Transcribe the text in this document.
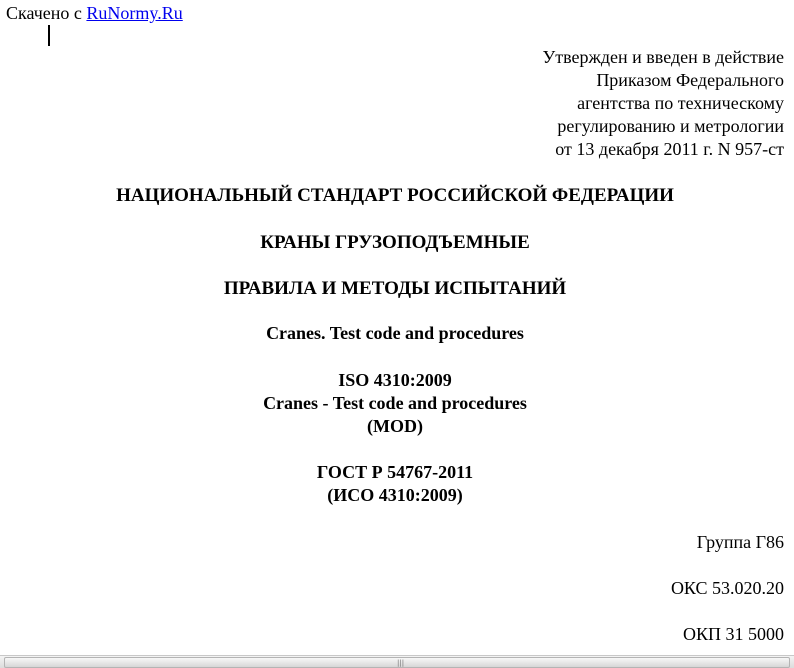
Скачено с RuNormy.Ru
Утвержден и введен в действие
Приказом Федерального
агентства по техническому
регулированию и метрологии
от 13 декабря 2011 г. N 957-ст
НАЦИОНАЛЬНЫЙ СТАНДАРТ РОССИЙСКОЙ ФЕДЕРАЦИИ
КРАНЫ ГРУЗОПОДЪЕМНЫЕ
ПРАВИЛА И МЕТОДЫ ИСПЫТАНИЙ
Cranes. Test code and procedures
ISO 4310:2009
Cranes - Test code and procedures
(MOD)
ГОСТ Р 54767-2011
(ИСО 4310:2009)
Группа Г86
ОКС 53.020.20
ОКП 31 5000
|||
